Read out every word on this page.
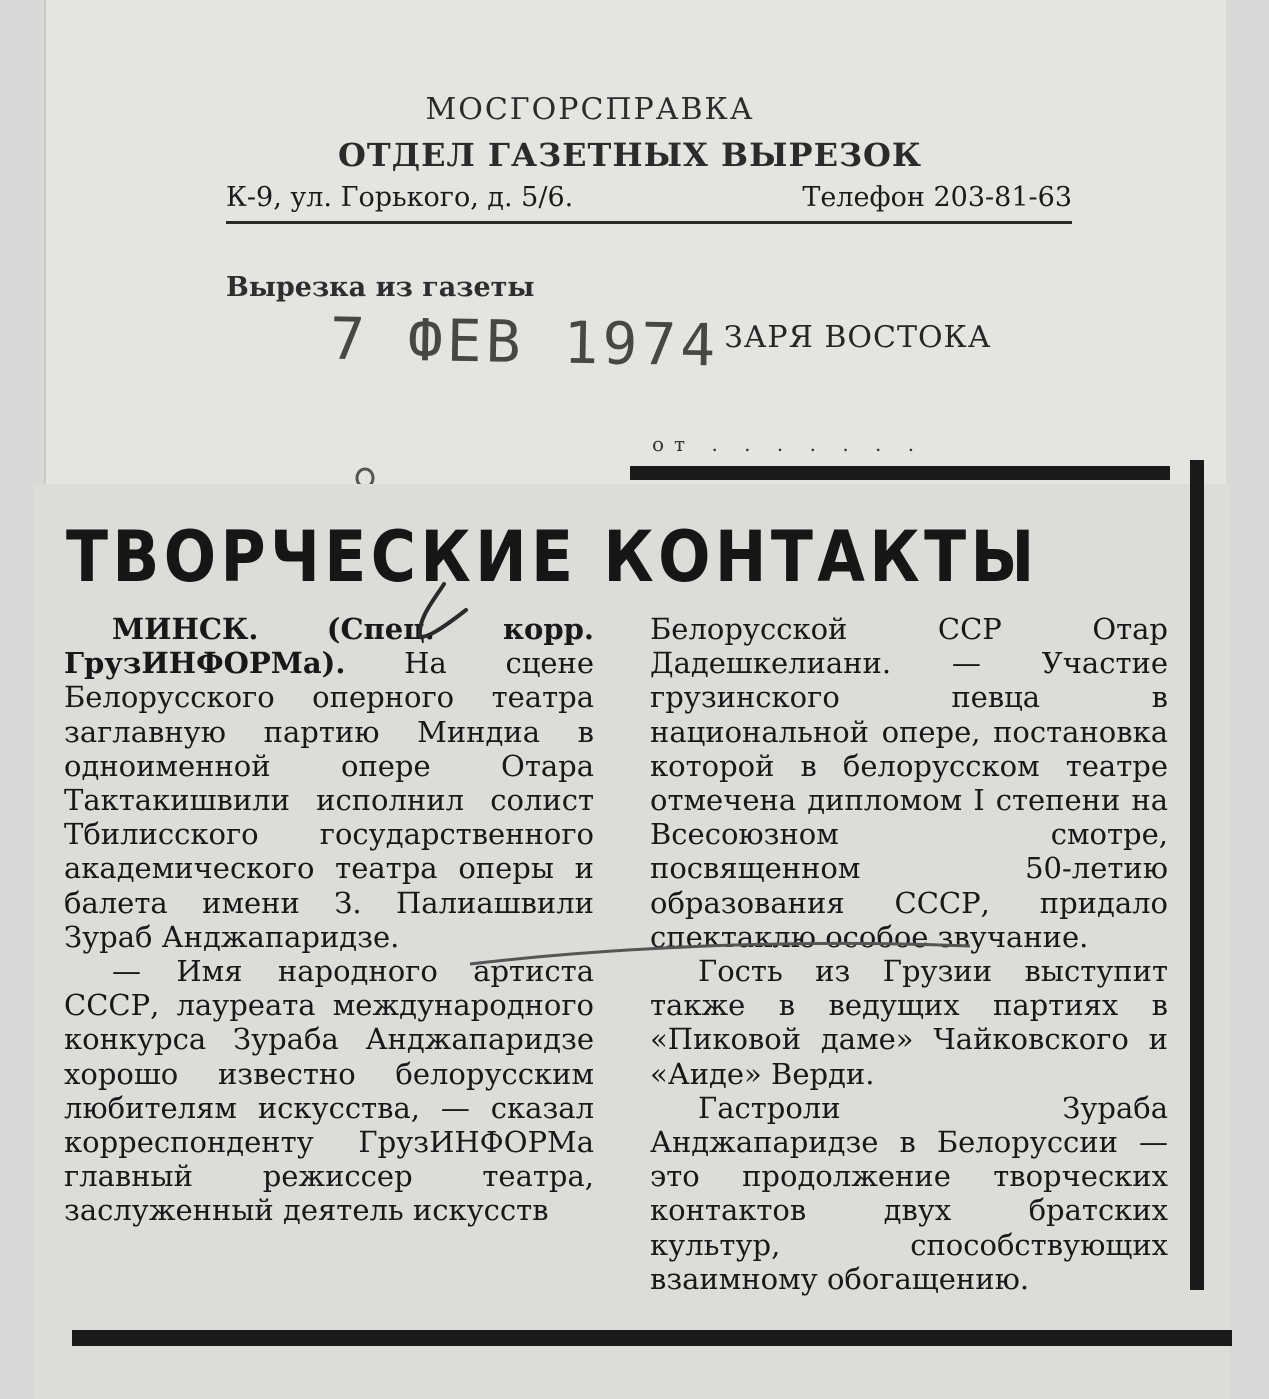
МОСГОРСПРАВКА
ОТДЕЛ ГАЗЕТНЫХ ВЫРЕЗОК
К-9, ул. Горького, д. 5/6.	Телефон 203-81-63
Вырезка из газеты
7 ФЕВ 1974 ЗАРЯ ВОСТОКА
от . . . . . . .
ТВОРЧЕСКИЕ КОНТАКТЫ

МИНСК. (Спец. корр. ГрузИНФОРМа). На сцене Белорусского оперного театра заглавную партию Миндиа в одноименной опере Отара Тактакишвили исполнил солист Тбилисского государственного академического театра оперы и балета имени З. Палиашвили Зураб Анджапаридзе.

— Имя народного артиста СССР, лауреата международного конкурса Зураба Анджапаридзе хорошо известно белорусским любителям искусства, — сказал корреспонденту ГрузИНФОРМа главный режиссер театра, заслуженный деятель искусств

Белорусской ССР Отар Дадешкелиани. — Участие грузинского певца в национальной опере, постановка которой в белорусском театре отмечена дипломом I степени на Всесоюзном смотре, посвященном 50-летию образования СССР, придало спектаклю особое звучание.

Гость из Грузии выступит также в ведущих партиях в «Пиковой даме» Чайковского и «Аиде» Верди.

Гастроли Зураба Анджапаридзе в Белоруссии — это продолжение творческих контактов двух братских культур, способствующих взаимному обогащению.
